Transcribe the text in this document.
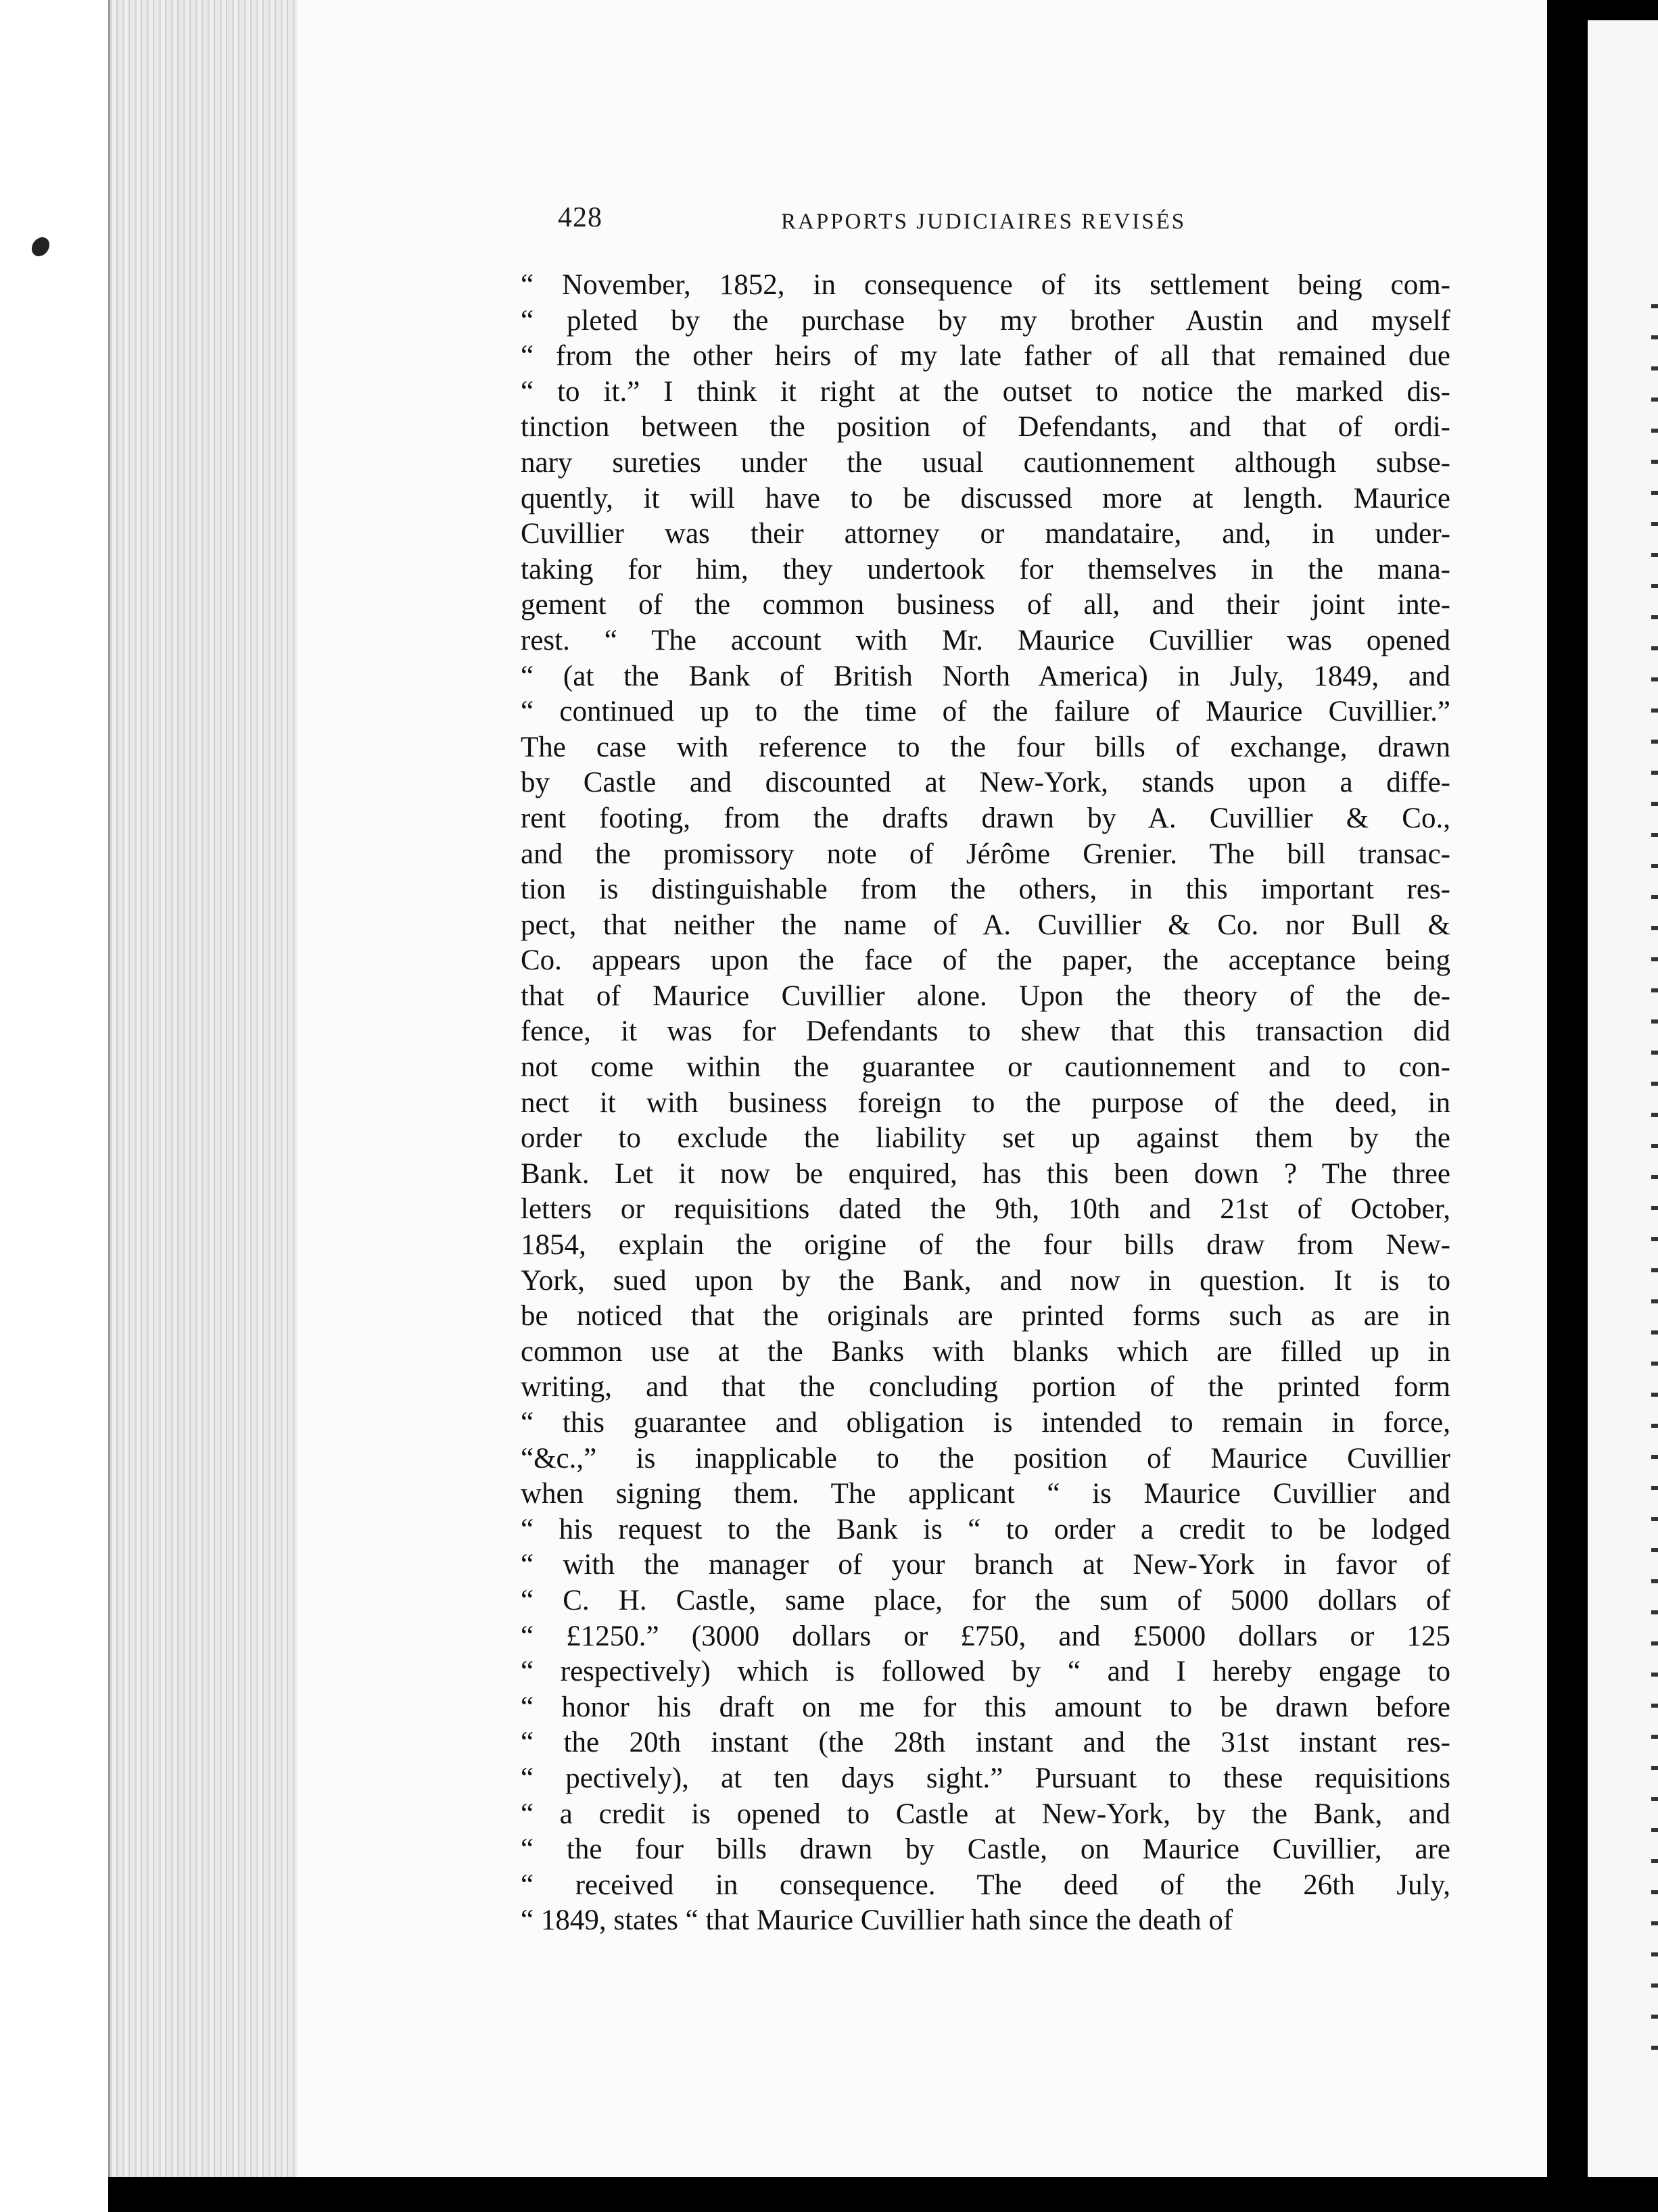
428	RAPPORTS JUDICIAIRES REVISÉS
“ November, 1852, in consequence of its settlement being com-
“ pleted by the purchase by my brother Austin and myself
“ from the other heirs of my late father of all that remained due
“ to it.” I think it right at the outset to notice the marked dis-
tinction between the position of Defendants, and that of ordi-
nary sureties under the usual cautionnement although subse-
quently, it will have to be discussed more at length. Maurice
Cuvillier was their attorney or mandataire, and, in under-
taking for him, they undertook for themselves in the mana-
gement of the common business of all, and their joint inte-
rest. “ The account with Mr. Maurice Cuvillier was opened
“ (at the Bank of British North America) in July, 1849, and
“ continued up to the time of the failure of Maurice Cuvillier.”
The case with reference to the four bills of exchange, drawn
by Castle and discounted at New-York, stands upon a diffe-
rent footing, from the drafts drawn by A. Cuvillier & Co.,
and the promissory note of Jérôme Grenier. The bill transac-
tion is distinguishable from the others, in this important res-
pect, that neither the name of A. Cuvillier & Co. nor Bull &
Co. appears upon the face of the paper, the acceptance being
that of Maurice Cuvillier alone. Upon the theory of the de-
fence, it was for Defendants to shew that this transaction did
not come within the guarantee or cautionnement and to con-
nect it with business foreign to the purpose of the deed, in
order to exclude the liability set up against them by the
Bank. Let it now be enquired, has this been down ? The three
letters or requisitions dated the 9th, 10th and 21st of October,
1854, explain the origine of the four bills draw from New-
York, sued upon by the Bank, and now in question. It is to
be noticed that the originals are printed forms such as are in
common use at the Banks with blanks which are filled up in
writing, and that the concluding portion of the printed form
“ this guarantee and obligation is intended to remain in force,
“&c.,” is inapplicable to the position of Maurice Cuvillier
when signing them. The applicant “ is Maurice Cuvillier and
“ his request to the Bank is “ to order a credit to be lodged
“ with the manager of your branch at New-York in favor of
“ C. H. Castle, same place, for the sum of 5000 dollars of
“ £1250.” (3000 dollars or £750, and £5000 dollars or 125
“ respectively) which is followed by “ and I hereby engage to
“ honor his draft on me for this amount to be drawn before
“ the 20th instant (the 28th instant and the 31st instant res-
“ pectively), at ten days sight.” Pursuant to these requisitions
“ a credit is opened to Castle at New-York, by the Bank, and
“ the four bills drawn by Castle, on Maurice Cuvillier, are
“ received in consequence. The deed of the 26th July,
“ 1849, states “ that Maurice Cuvillier hath since the death of
